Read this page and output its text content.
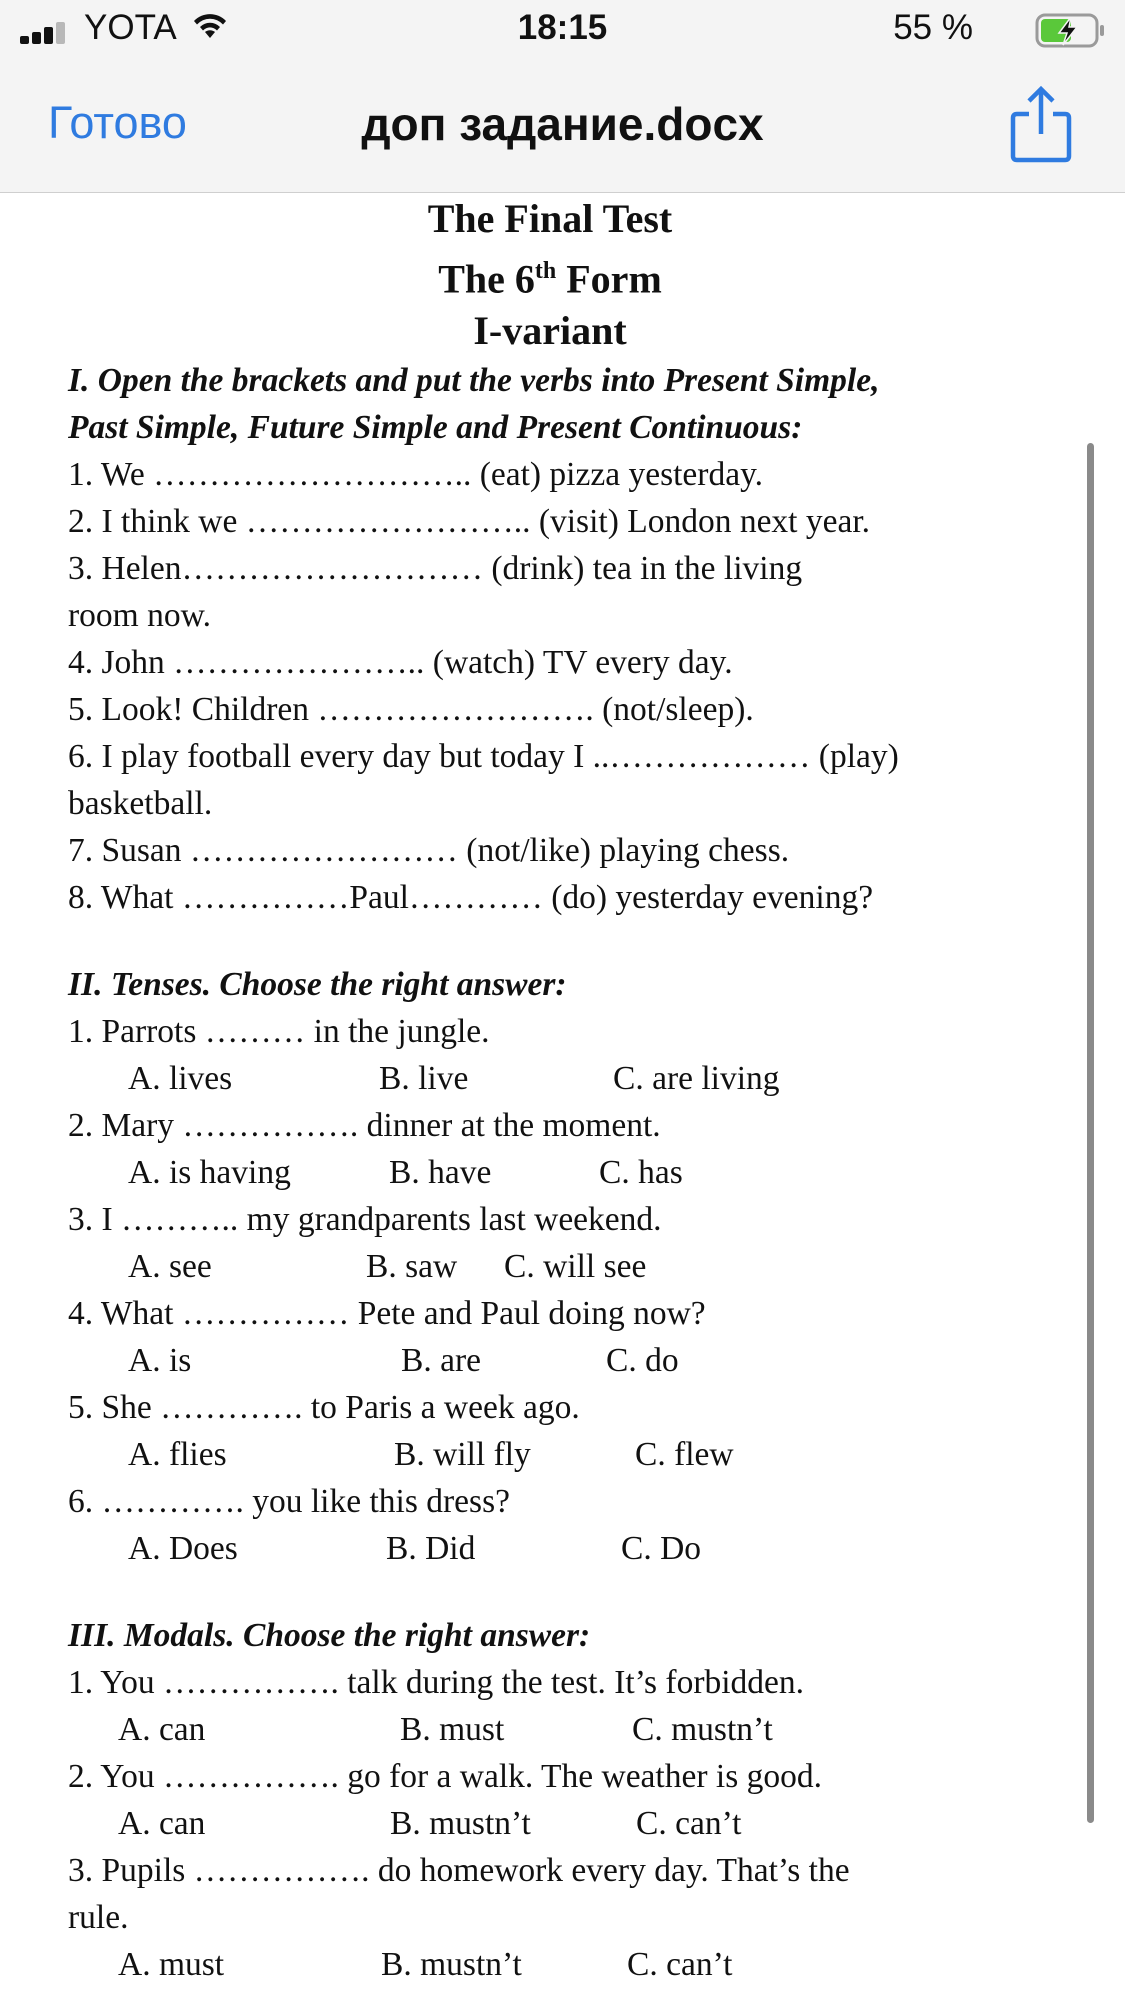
YOTA	18:15	55 %
Готово	доп задание.docx

The Final Test

The 6th Form

I-variant

I. Open the brackets and put the verbs into Present Simple,
Past Simple, Future Simple and Present Continuous:

1. We ……………………….. (eat) pizza yesterday.

2. I think we …………………….. (visit) London next year.

3. Helen……………………… (drink) tea in the living

room now.

4. John ………………….. (watch) TV every day.

5. Look! Children ……………………. (not/sleep).

6. I play football every day but today I ..……………… (play)

basketball.

7. Susan …………………… (not/like) playing chess.

8. What ……………Paul………… (do) yesterday evening?

II. Tenses. Choose the right answer:

1. Parrots ……… in the jungle.

A. lives	B. live	C. are living

2. Mary ……………. dinner at the moment.

A. is having	B. have	C. has

3. I ……….. my grandparents last weekend.

A. see	B. saw	C. will see

4. What …………… Pete and Paul doing now?

A. is	B. are	C. do

5. She …………. to Paris a week ago.

A. flies	B. will fly	C. flew

6. …………. you like this dress?

A. Does	B. Did	C. Do

III. Modals. Choose the right answer:

1. You ……………. talk during the test. It’s forbidden.

A. can	B. must	C. mustn’t

2. You ……………. go for a walk. The weather is good.

A. can	B. mustn’t	C. can’t

3. Pupils ……………. do homework every day. That’s the
rule.

A. must	B. mustn’t	C. can’t
